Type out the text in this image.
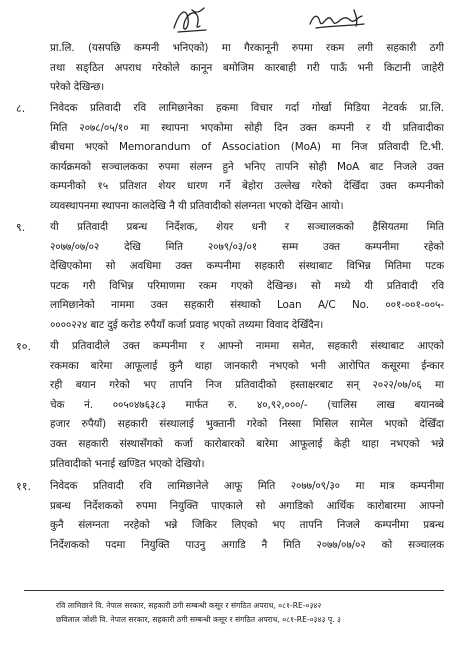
प्रा.लि. (यसपछि कम्पनी भनिएको) मा गैरकानूनी रुपमा रकम लगी सहकारी ठगी
तथा सङ्ठित अपराध गरेकोले कानून बमोजिम कारबाही गरी पाऊँ भनी किटानी जाहेरी
परेको देखिन्छ।
८. निवेदक प्रतिवादी रवि लामिछानेका हकमा विचार गर्दा गोर्खा मिडिया नेटवर्क प्रा.लि.
मिति २०७८/०५/१० मा स्थापना भएकोमा सोही दिन उक्त कम्पनी र यी प्रतिवादीका
बीचमा भएको Memorandum of Association (MoA) मा निज प्रतिवादी टि.भी.
कार्यक्रमको सञ्चालकका रुपमा संलग्न हुने भनिए तापनि सोही MoA बाट निजले उक्त
कम्पनीको १५ प्रतिशत शेयर धारण गर्ने बेहोरा उल्लेख गरेको देखिँदा उक्त कम्पनीको
व्यवस्थापनमा स्थापना कालदेखि नै यी प्रतिवादीको संलग्नता भएको देखिन आयो।
९. यी प्रतिवादी प्रबन्ध निर्देशक, शेयर धनी र सञ्चालकको हैसियतमा मिति
२०७७/०७/०२ देखि मिति २०७९/०३/०१ सम्म उक्त कम्पनीमा रहेको
देखिएकोमा सो अवधिमा उक्त कम्पनीमा सहकारी संस्थाबाट विभिन्न मितिमा पटक
पटक गरी विभिन्न परिमाणमा रकम गएको देखिन्छ। सो मध्ये यी प्रतिवादी रवि
लामिछानेको नाममा उक्त सहकारी संस्थाको Loan A/C No. ००१-००१-००५-
००००२२४ बाट दुई करोड रुपैयाँ कर्जा प्रवाह भएको तथ्यमा विवाद देखिँदैन।
१०. यी प्रतिवादीले उक्त कम्पनीमा र आफ्नो नाममा समेत, सहकारी संस्थाबाट आएको
रकमका बारेमा आफूलाई कुनै थाहा जानकारी नभएको भनी आरोपित कसूरमा ईन्कार
रही बयान गरेको भए तापनि निज प्रतिवादीको हस्ताक्षरबाट सन् २०२२/०७/०६ मा
चेक नं. ००५०४७६३८३ मार्फत रु. ४०,९२,०००/- (चालिस लाख बयानब्बे
हजार रुपैयाँ) सहकारी संस्थालाई भुक्तानी गरेको निस्सा मिसिल सामेल भएको देखिँदा
उक्त सहकारी संस्थासँगको कर्जा कारोबारको बारेमा आफूलाई केही थाहा नभएको भन्ने
प्रतिवादीको भनाई खण्डित भएको देखियो।
११. निवेदक प्रतिवादी रवि लामिछानेले आफू मिति २०७७/०९/३० मा मात्र कम्पनीमा
प्रबन्ध निर्देशकको रुपमा नियुक्ति पाएकाले सो अगाडिको आर्थिक कारोबारमा आफ्नो
कुनै संलग्नता नरहेको भन्ने जिकिर लिएको भए तापनि निजले कम्पनीमा प्रबन्ध
निर्देशकको पदमा नियुक्ति पाउनु अगाडि नै मिति २०७७/०७/०२ को सञ्चालक
रवि लामिछाने वि. नेपाल सरकार, सहकारी ठगी सम्बन्धी कसूर र संगठित अपराध, ०८१-RE-०३४२
छविलाल जोशी वि. नेपाल सरकार, सहकारी ठगी सम्बन्धी कसूर र संगठित अपराध, ०८१-RE-०३४३ पृ. ३
